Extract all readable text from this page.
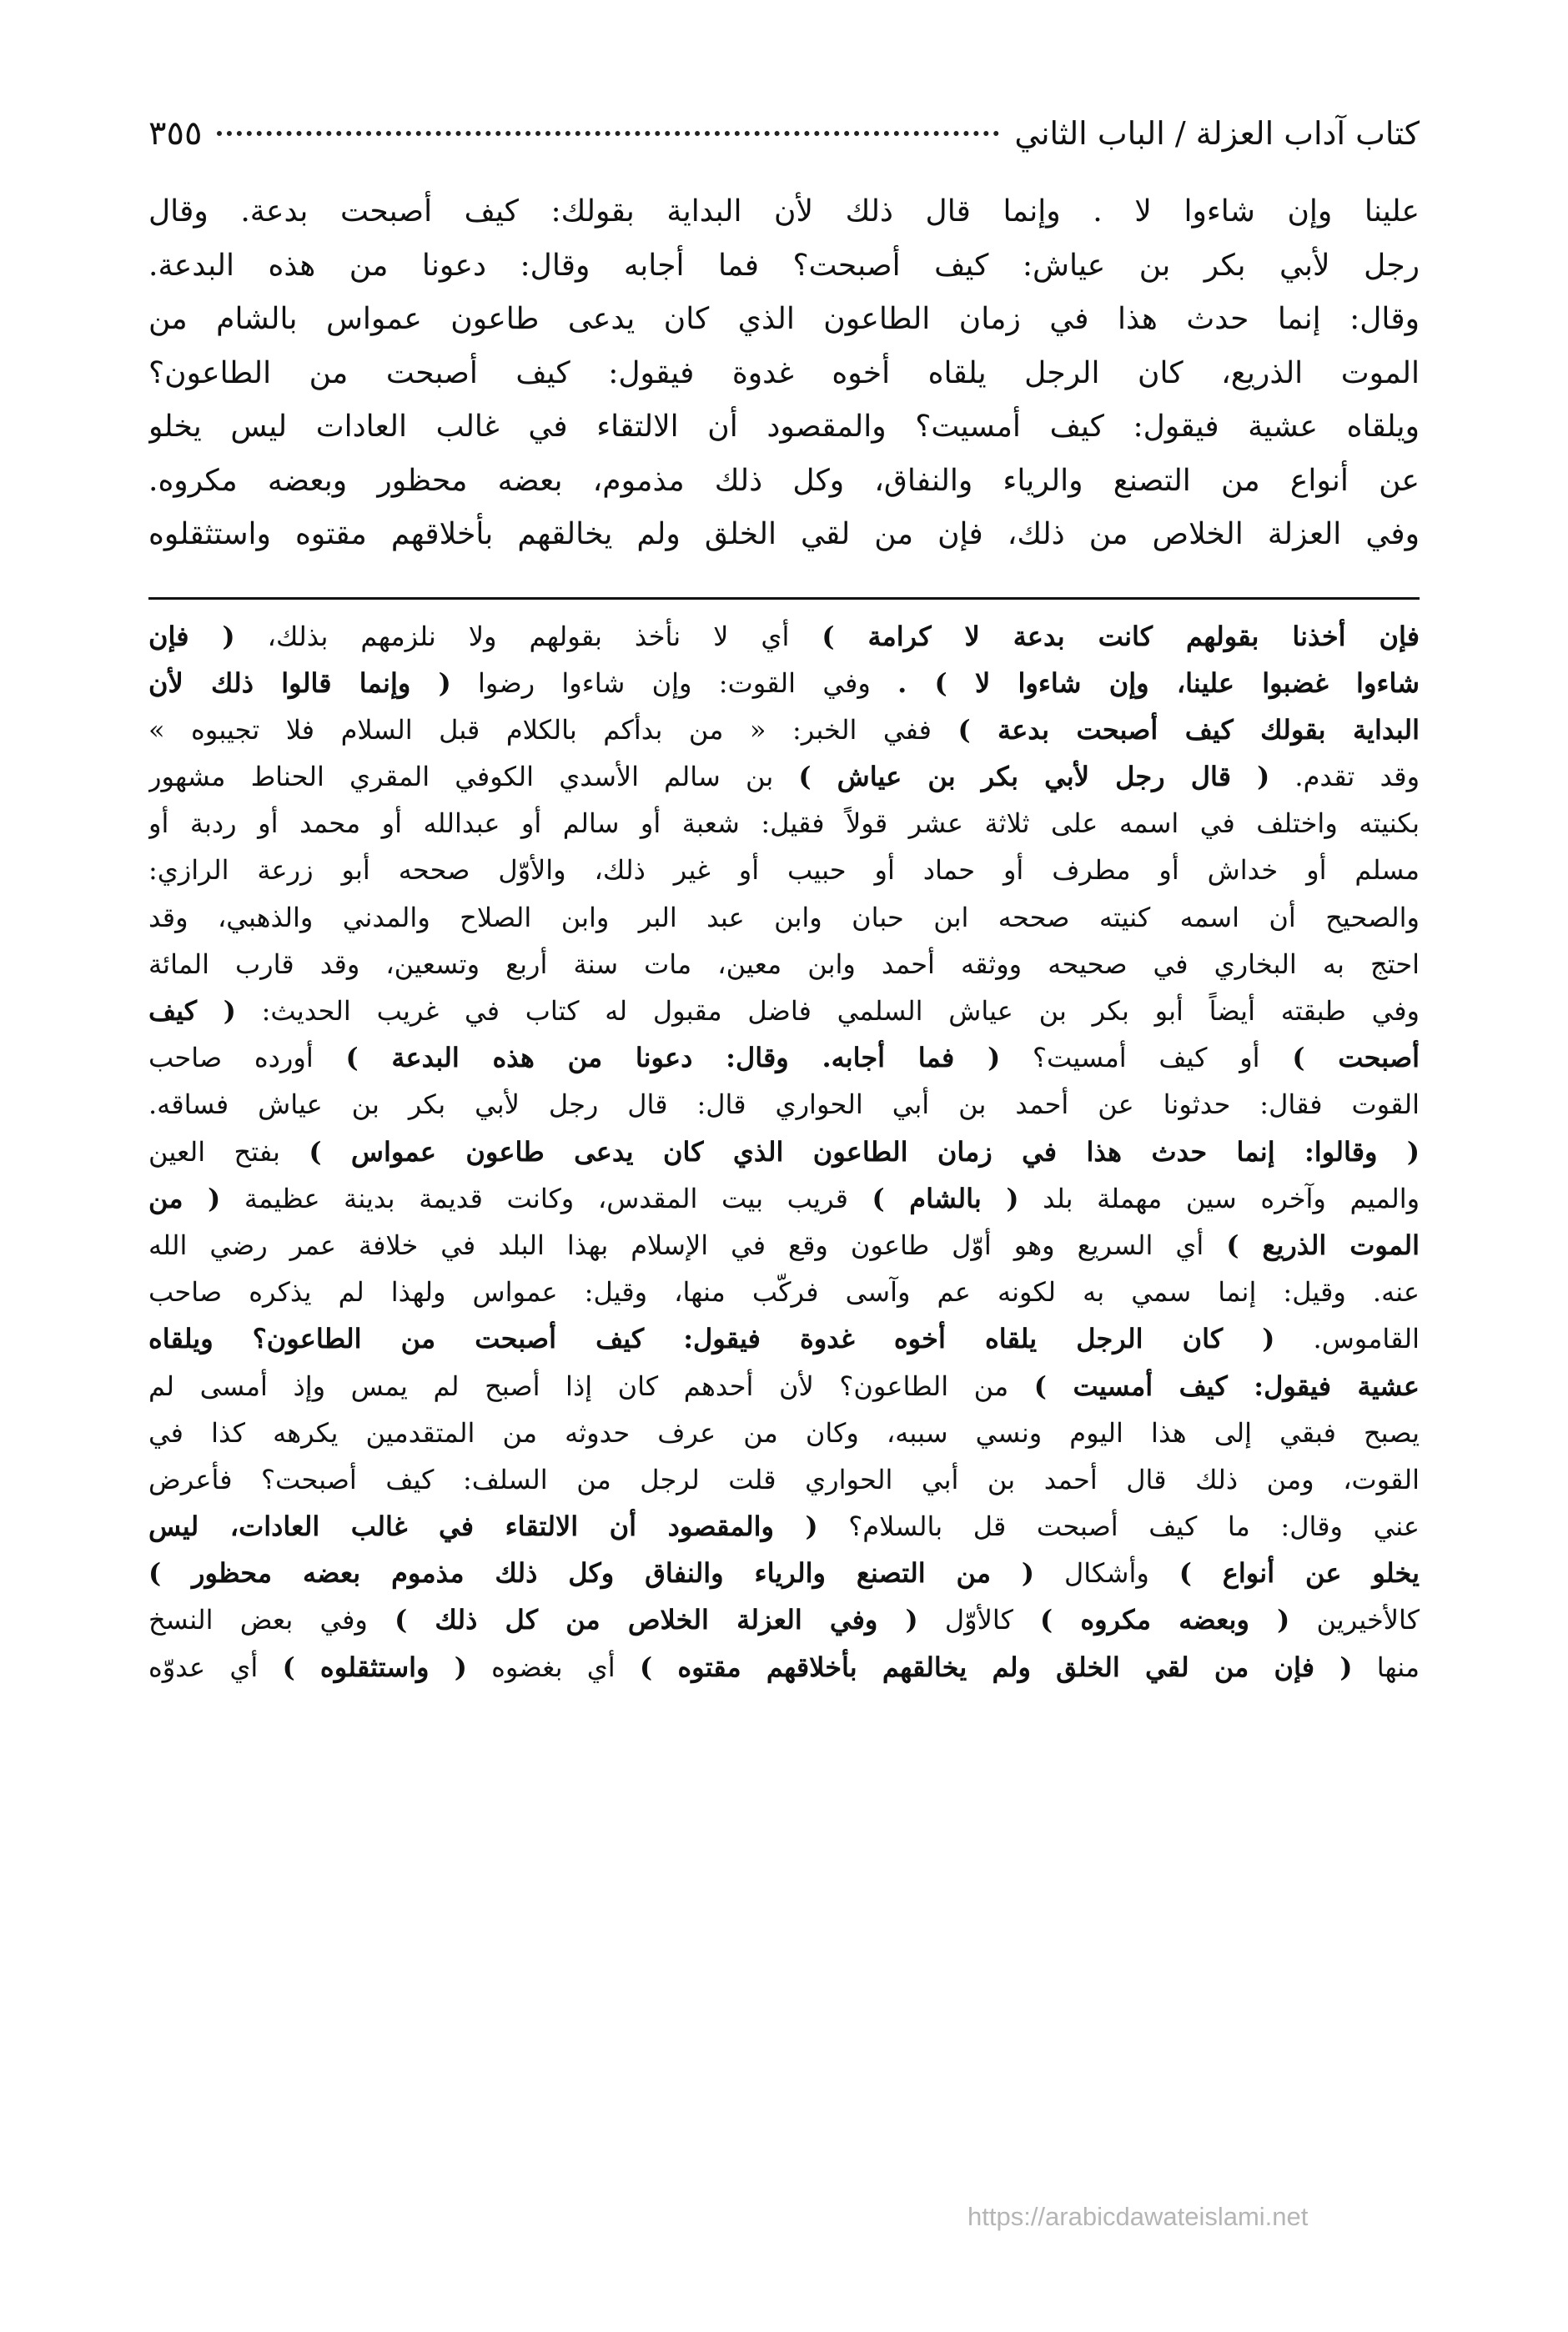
كتاب آداب العزلة / الباب الثاني
٣٥٥
علينا وإن شاءوا لا . وإنما قال ذلك لأن البداية بقولك: كيف أصبحت بدعة. وقال
رجل لأبي بكر بن عياش: كيف أصبحت؟ فما أجابه وقال: دعونا من هذه البدعة.
وقال: إنما حدث هذا في زمان الطاعون الذي كان يدعى طاعون عمواس بالشام من
الموت الذريع، كان الرجل يلقاه أخوه غدوة فيقول: كيف أصبحت من الطاعون؟
ويلقاه عشية فيقول: كيف أمسيت؟ والمقصود أن الالتقاء في غالب العادات ليس يخلو
عن أنواع من التصنع والرياء والنفاق، وكل ذلك مذموم، بعضه محظور وبعضه مكروه.
وفي العزلة الخلاص من ذلك، فإن من لقي الخلق ولم يخالقهم بأخلاقهم مقتوه واستثقلوه
فإن أخذنا بقولهم كانت بدعة لا كرامة ) أي لا نأخذ بقولهم ولا نلزمهم بذلك، ( فإن
شاءوا غضبوا علينا، وإن شاءوا لا ) . وفي القوت: وإن شاءوا رضوا ( وإنما قالوا ذلك لأن
البداية بقولك كيف أصبحت بدعة ) ففي الخبر: « من بدأكم بالكلام قبل السلام فلا تجيبوه »
وقد تقدم. ( قال رجل لأبي بكر بن عياش ) بن سالم الأسدي الكوفي المقري الحناط مشهور
بكنيته واختلف في اسمه على ثلاثة عشر قولاً فقيل: شعبة أو سالم أو عبدالله أو محمد أو ردبة أو
مسلم أو خداش أو مطرف أو حماد أو حبيب أو غير ذلك، والأوّل صححه أبو زرعة الرازي:
والصحيح أن اسمه كنيته صححه ابن حبان وابن عبد البر وابن الصلاح والمدني والذهبي، وقد
احتج به البخاري في صحيحه ووثقه أحمد وابن معين، مات سنة أربع وتسعين، وقد قارب المائة
وفي طبقته أيضاً أبو بكر بن عياش السلمي فاضل مقبول له كتاب في غريب الحديث: ( كيف
أصبحت ) أو كيف أمسيت؟ ( فما أجابه. وقال: دعونا من هذه البدعة ) أورده صاحب
القوت فقال: حدثونا عن أحمد بن أبي الحواري قال: قال رجل لأبي بكر بن عياش فساقه.
( وقالوا: إنما حدث هذا في زمان الطاعون الذي كان يدعى طاعون عمواس ) بفتح العين
والميم وآخره سين مهملة بلد ( بالشام ) قريب بيت المقدس، وكانت قديمة بدينة عظيمة ( من
الموت الذريع ) أي السريع وهو أوّل طاعون وقع في الإسلام بهذا البلد في خلافة عمر رضي الله
عنه. وقيل: إنما سمي به لكونه عم وآسى فركّب منها، وقيل: عمواس ولهذا لم يذكره صاحب
القاموس. ( كان الرجل يلقاه أخوه غدوة فيقول: كيف أصبحت من الطاعون؟ ويلقاه
عشية فيقول: كيف أمسيت ) من الطاعون؟ لأن أحدهم كان إذا أصبح لم يمس وإذ أمسى لم
يصبح فبقي إلى هذا اليوم ونسي سببه، وكان من عرف حدوثه من المتقدمين يكرهه كذا في
القوت، ومن ذلك قال أحمد بن أبي الحواري قلت لرجل من السلف: كيف أصبحت؟ فأعرض
عني وقال: ما كيف أصبحت قل بالسلام؟ ( والمقصود أن الالتقاء في غالب العادات، ليس
يخلو عن أنواع ) وأشكال ( من التصنع والرياء والنفاق وكل ذلك مذموم بعضه محظور )
كالأخيرين ( وبعضه مكروه ) كالأوّل ( وفي العزلة الخلاص من كل ذلك ) وفي بعض النسخ
منها ( فإن من لقي الخلق ولم يخالقهم بأخلاقهم مقتوه ) أي بغضوه ( واستثقلوه ) أي عدوّه
https://arabicdawateislami.net
